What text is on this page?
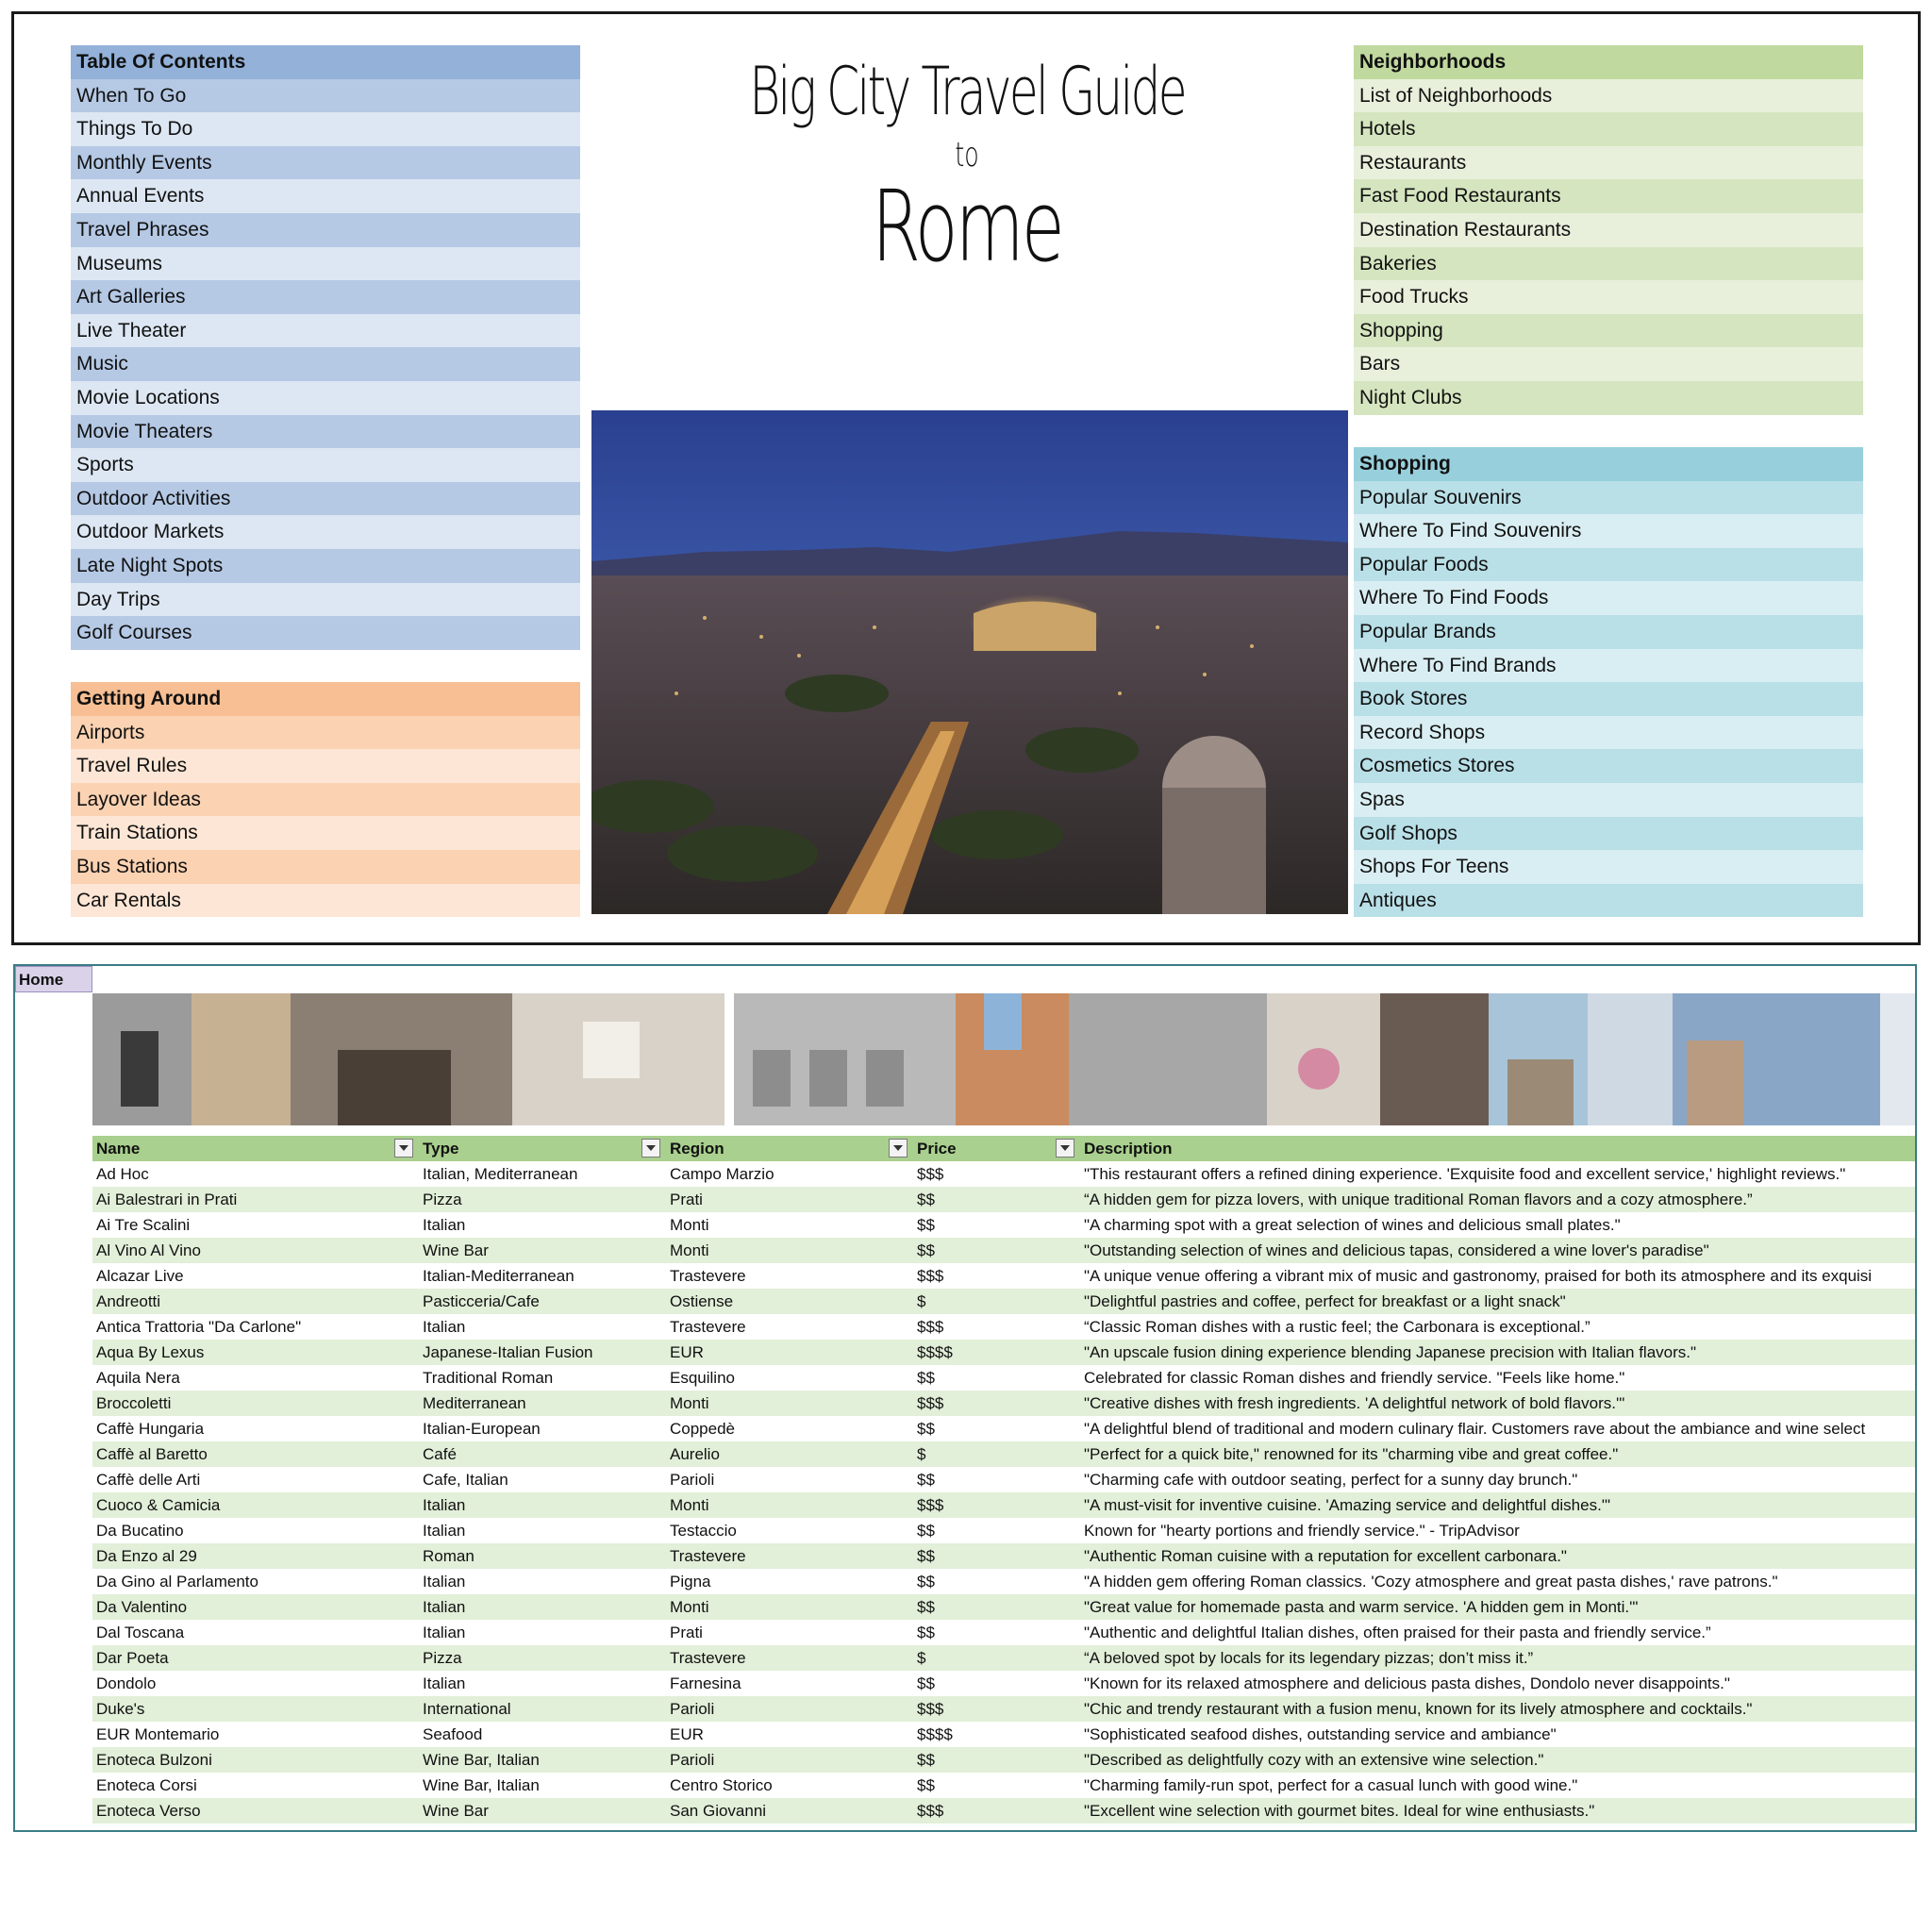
Table Of Contents
When To Go
Things To Do
Monthly Events
Annual Events
Travel Phrases
Museums
Art Galleries
Live Theater
Music
Movie Locations
Movie Theaters
Sports
Outdoor Activities
Outdoor Markets
Late Night Spots
Day Trips
Golf Courses
Getting Around
Airports
Travel Rules
Layover Ideas
Train Stations
Bus Stations
Car Rentals
Big City Travel Guide
to
Rome
Neighborhoods
List of Neighborhoods
Hotels
Restaurants
Fast Food Restaurants
Destination Restaurants
Bakeries
Food Trucks
Shopping
Bars
Night Clubs
Shopping
Popular Souvenirs
Where To Find Souvenirs
Popular Foods
Where To Find Foods
Popular Brands
Where To Find Brands
Book Stores
Record Shops
Cosmetics Stores
Spas
Golf Shops
Shops For Teens
Antiques
Home
Name	Type	Region	Price	Description
Ad Hoc	Italian, Mediterranean	Campo Marzio	$$$	"This restaurant offers a refined dining experience. 'Exquisite food and excellent service,' highlight reviews."
Ai Balestrari in Prati	Pizza	Prati	$$	“A hidden gem for pizza lovers, with unique traditional Roman flavors and a cozy atmosphere.”
Ai Tre Scalini	Italian	Monti	$$	"A charming spot with a great selection of wines and delicious small plates."
Al Vino Al Vino	Wine Bar	Monti	$$	"Outstanding selection of wines and delicious tapas, considered a wine lover's paradise"
Alcazar Live	Italian-Mediterranean	Trastevere	$$$	"A unique venue offering a vibrant mix of music and gastronomy, praised for both its atmosphere and its exquisi
Andreotti	Pasticceria/Cafe	Ostiense	$	"Delightful pastries and coffee, perfect for breakfast or a light snack"
Antica Trattoria "Da Carlone"	Italian	Trastevere	$$$	“Classic Roman dishes with a rustic feel; the Carbonara is exceptional.”
Aqua By Lexus	Japanese-Italian Fusion	EUR	$$$$	"An upscale fusion dining experience blending Japanese precision with Italian flavors."
Aquila Nera	Traditional Roman	Esquilino	$$	Celebrated for classic Roman dishes and friendly service. "Feels like home."
Broccoletti	Mediterranean	Monti	$$$	"Creative dishes with fresh ingredients. 'A delightful network of bold flavors.'"
Caffè Hungaria	Italian-European	Coppedè	$$	"A delightful blend of traditional and modern culinary flair. Customers rave about the ambiance and wine select
Caffè al Baretto	Café	Aurelio	$	"Perfect for a quick bite," renowned for its "charming vibe and great coffee."
Caffè delle Arti	Cafe, Italian	Parioli	$$	"Charming cafe with outdoor seating, perfect for a sunny day brunch."
Cuoco & Camicia	Italian	Monti	$$$	"A must-visit for inventive cuisine. 'Amazing service and delightful dishes.'"
Da Bucatino	Italian	Testaccio	$$	Known for "hearty portions and friendly service." - TripAdvisor
Da Enzo al 29	Roman	Trastevere	$$	"Authentic Roman cuisine with a reputation for excellent carbonara."
Da Gino al Parlamento	Italian	Pigna	$$	"A hidden gem offering Roman classics. 'Cozy atmosphere and great pasta dishes,' rave patrons."
Da Valentino	Italian	Monti	$$	"Great value for homemade pasta and warm service. 'A hidden gem in Monti.'"
Dal Toscana	Italian	Prati	$$	"Authentic and delightful Italian dishes, often praised for their pasta and friendly service.”
Dar Poeta	Pizza	Trastevere	$	“A beloved spot by locals for its legendary pizzas; don’t miss it.”
Dondolo	Italian	Farnesina	$$	"Known for its relaxed atmosphere and delicious pasta dishes, Dondolo never disappoints."
Duke's	International	Parioli	$$$	"Chic and trendy restaurant with a fusion menu, known for its lively atmosphere and cocktails."
EUR Montemario	Seafood	EUR	$$$$	"Sophisticated seafood dishes, outstanding service and ambiance"
Enoteca Bulzoni	Wine Bar, Italian	Parioli	$$	"Described as delightfully cozy with an extensive wine selection."
Enoteca Corsi	Wine Bar, Italian	Centro Storico	$$	"Charming family-run spot, perfect for a casual lunch with good wine."
Enoteca Verso	Wine Bar	San Giovanni	$$$	"Excellent wine selection with gourmet bites. Ideal for wine enthusiasts."
